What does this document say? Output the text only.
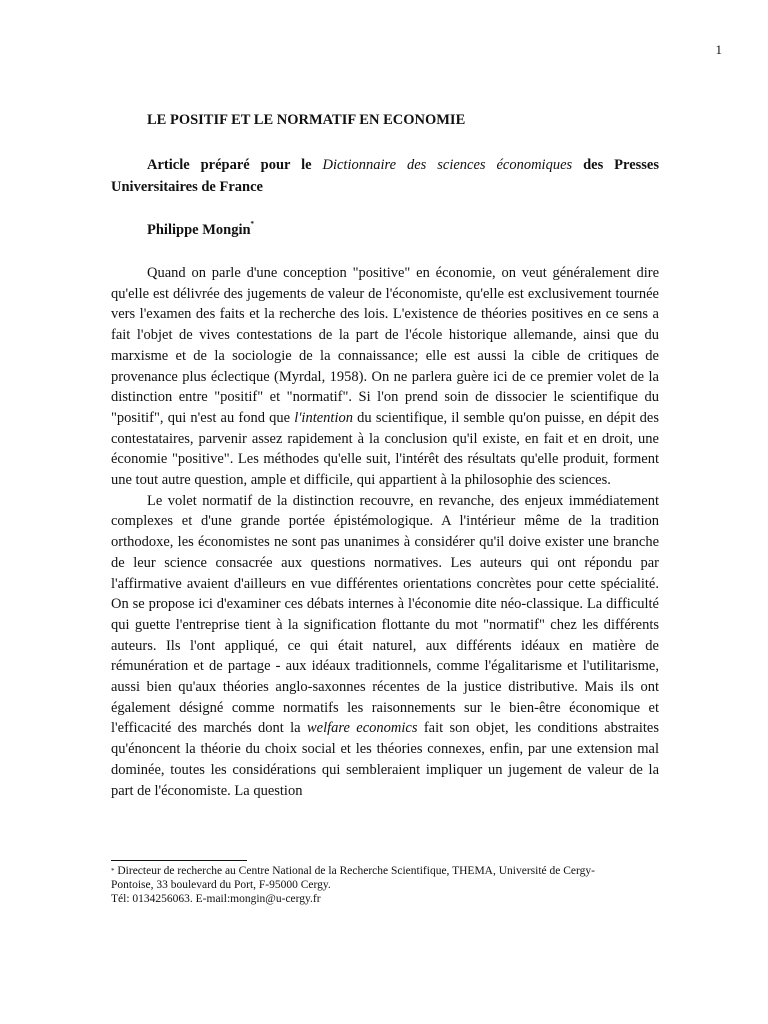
1
LE POSITIF ET LE NORMATIF EN ECONOMIE
Article préparé pour le Dictionnaire des sciences économiques des Presses Universitaires de France
Philippe Mongin*

Quand on parle d'une conception "positive" en économie, on veut généralement dire qu'elle est délivrée des jugements de valeur de l'économiste, qu'elle est exclusivement tournée vers l'examen des faits et la recherche des lois. L'existence de théories positives en ce sens a fait l'objet de vives contestations de la part de l'école historique allemande, ainsi que du marxisme et de la sociologie de la connaissance; elle est aussi la cible de critiques de provenance plus éclectique (Myrdal, 1958). On ne parlera guère ici de ce premier volet de la distinction entre "positif" et "normatif". Si l'on prend soin de dissocier le scientifique du "positif", qui n'est au fond que l'intention du scientifique, il semble qu'on puisse, en dépit des contestataires, parvenir assez rapidement à la conclusion qu'il existe, en fait et en droit, une économie "positive". Les méthodes qu'elle suit, l'intérêt des résultats qu'elle produit, forment une tout autre question, ample et difficile, qui appartient à la philosophie des sciences.

Le volet normatif de la distinction recouvre, en revanche, des enjeux immédiatement complexes et d'une grande portée épistémologique. A l'intérieur même de la tradition orthodoxe, les économistes ne sont pas unanimes à considérer qu'il doive exister une branche de leur science consacrée aux questions normatives. Les auteurs qui ont répondu par l'affirmative avaient d'ailleurs en vue différentes orientations concrètes pour cette spécialité. On se propose ici d'examiner ces débats internes à l'économie dite néo-classique. La difficulté qui guette l'entreprise tient à la signification flottante du mot "normatif" chez les différents auteurs. Ils l'ont appliqué, ce qui était naturel, aux différents idéaux en matière de rémunération et de partage - aux idéaux traditionnels, comme l'égalitarisme et l'utilitarisme, aussi bien qu'aux théories anglo-saxonnes récentes de la justice distributive. Mais ils ont également désigné comme normatifs les raisonnements sur le bien-être économique et l'efficacité des marchés dont la welfare economics fait son objet, les conditions abstraites qu'énoncent la théorie du choix social et les théories connexes, enfin, par une extension mal dominée, toutes les considérations qui sembleraient impliquer un jugement de valeur de la part de l'économiste. La question

* Directeur de recherche au Centre National de la Recherche Scientifique, THEMA, Université de Cergy-
Pontoise, 33 boulevard du Port, F-95000 Cergy.
Tél: 0134256063. E-mail:mongin@u-cergy.fr
